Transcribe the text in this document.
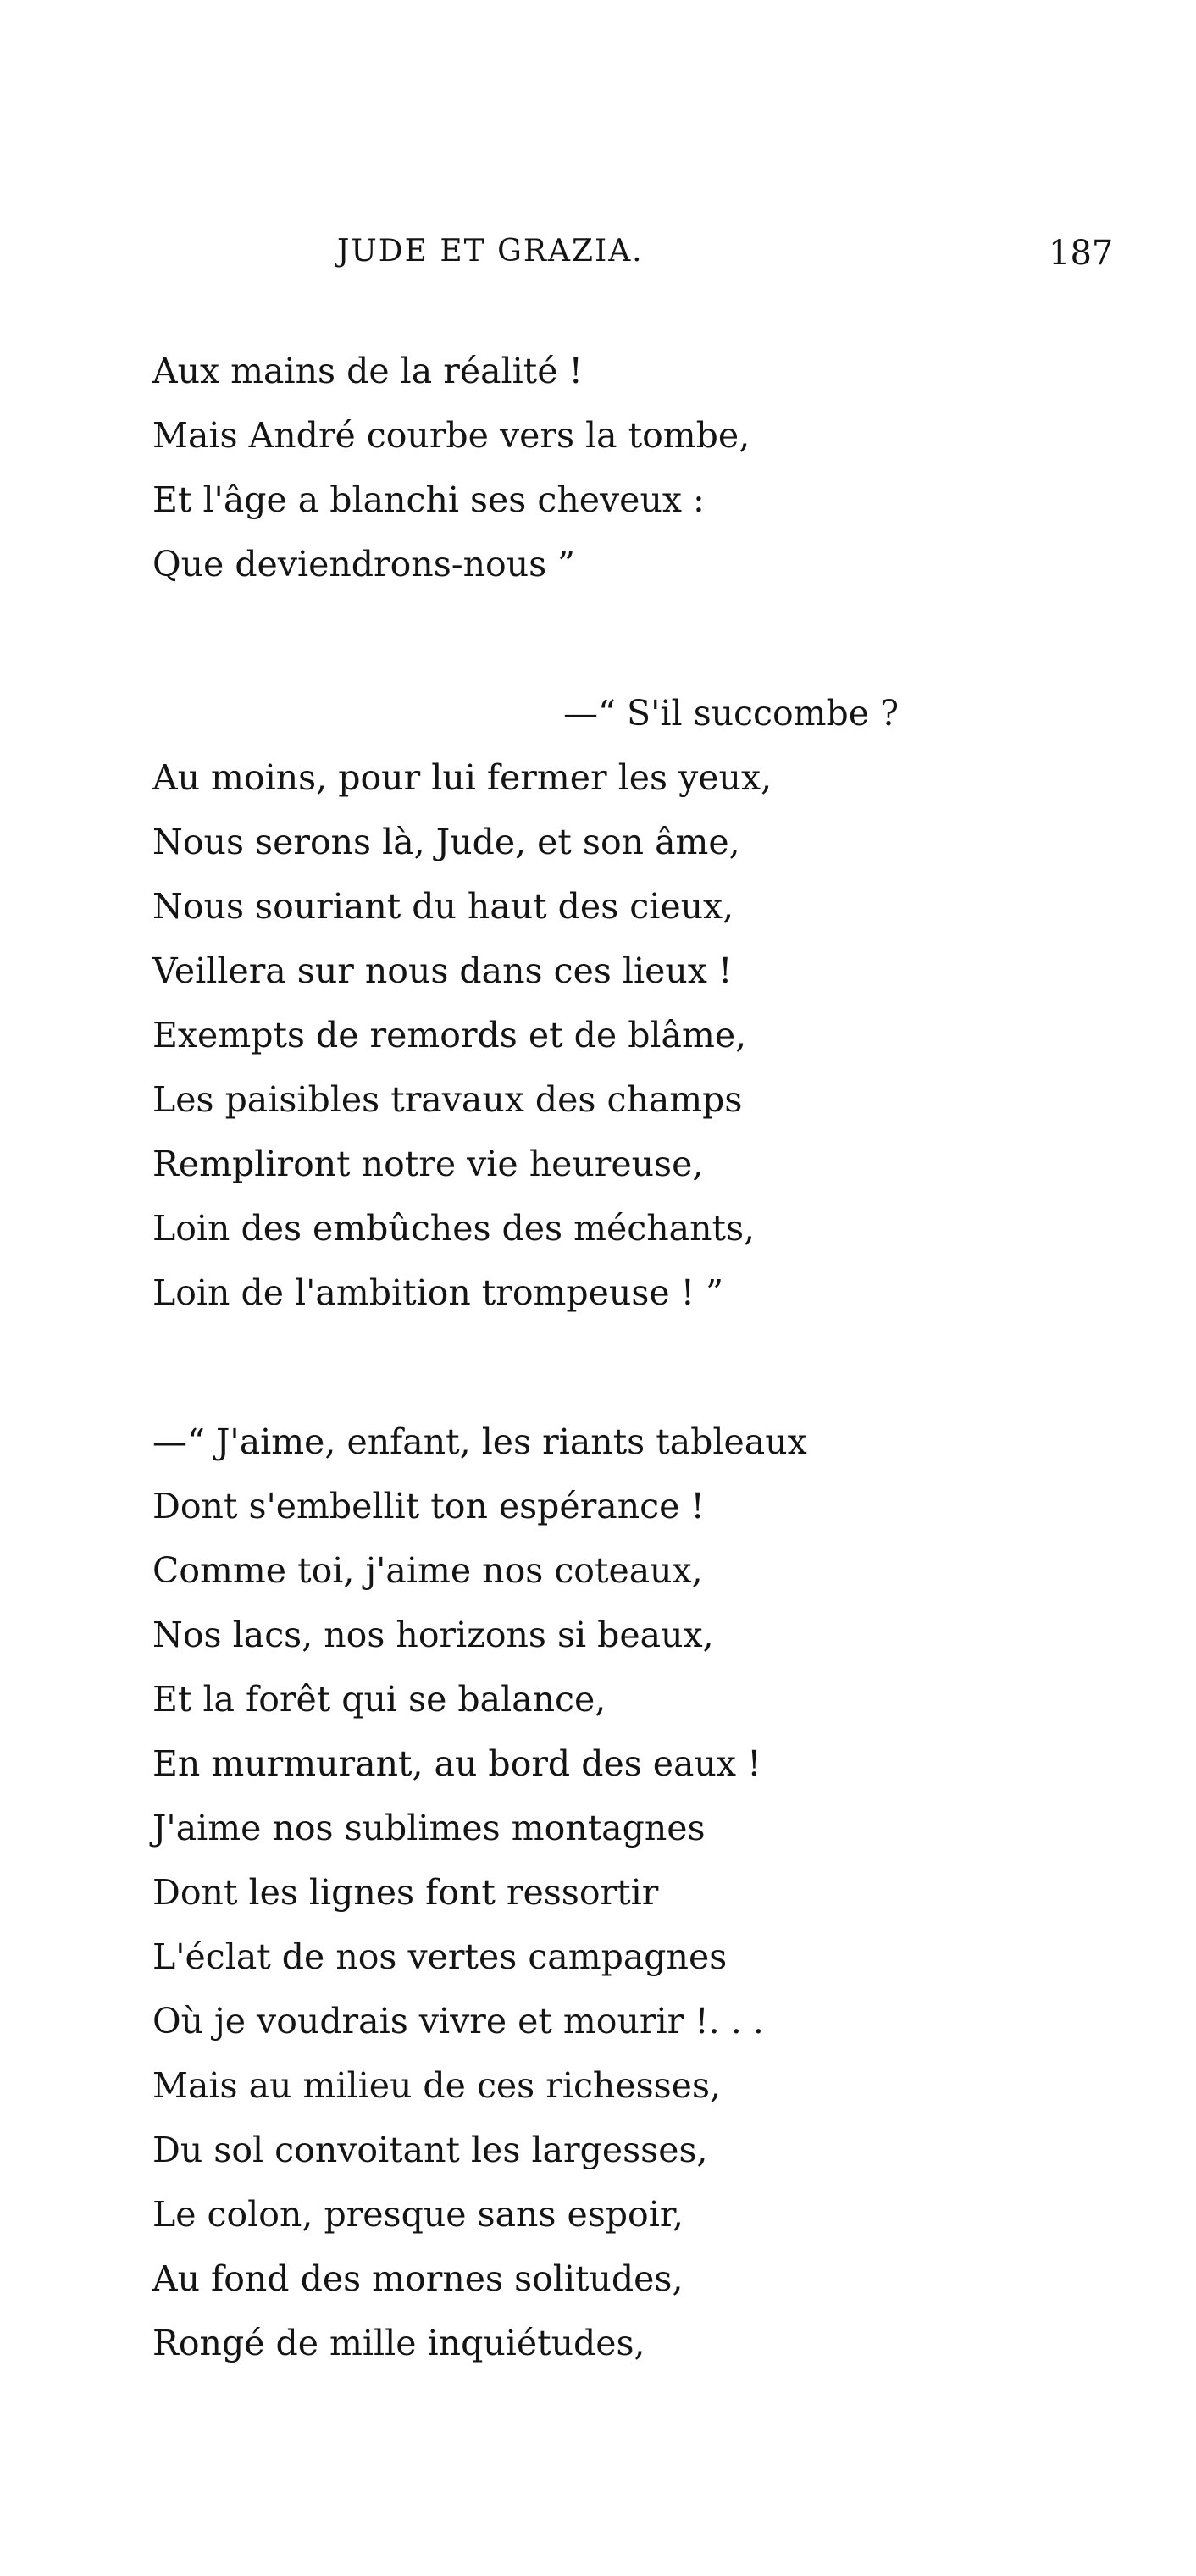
JUDE ET GRAZIA.	187
Aux mains de la réalité !
Mais André courbe vers la tombe,
Et l'âge a blanchi ses cheveux :
Que deviendrons-nous ”
—“ S'il succombe ?
Au moins, pour lui fermer les yeux,
Nous serons là, Jude, et son âme,
Nous souriant du haut des cieux,
Veillera sur nous dans ces lieux !
Exempts de remords et de blâme,
Les paisibles travaux des champs
Rempliront notre vie heureuse,
Loin des embûches des méchants,
Loin de l'ambition trompeuse ! ”
—“ J'aime, enfant, les riants tableaux
Dont s'embellit ton espérance !
Comme toi, j'aime nos coteaux,
Nos lacs, nos horizons si beaux,
Et la forêt qui se balance,
En murmurant, au bord des eaux !
J'aime nos sublimes montagnes
Dont les lignes font ressortir
L'éclat de nos vertes campagnes
Où je voudrais vivre et mourir !. . .
Mais au milieu de ces richesses,
Du sol convoitant les largesses,
Le colon, presque sans espoir,
Au fond des mornes solitudes,
Rongé de mille inquiétudes,
